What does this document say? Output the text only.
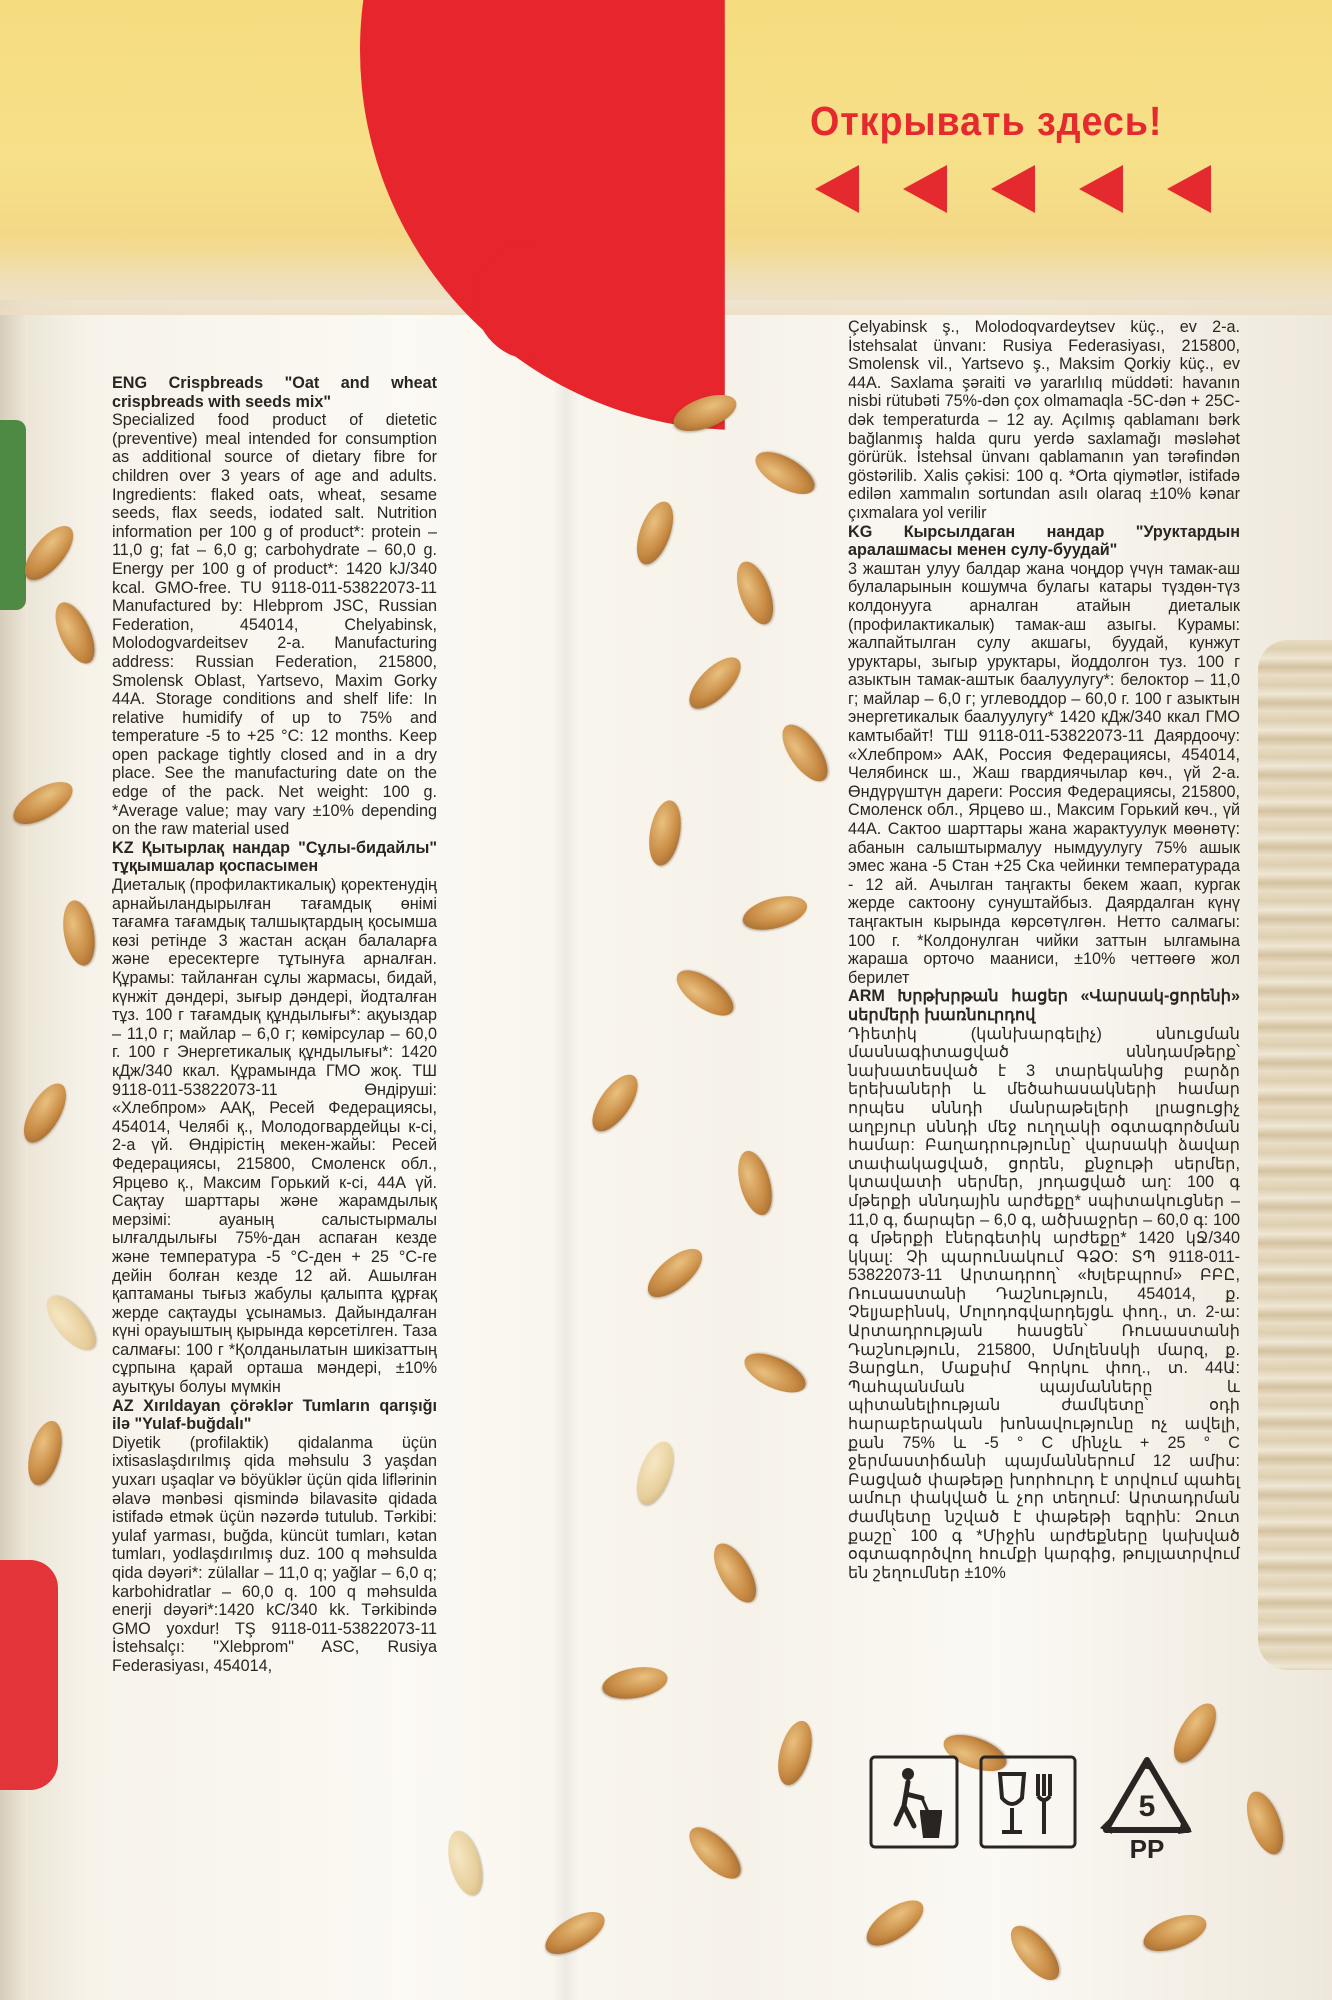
Открывать здесь!

ENG Crispbreads "Oat and wheat crispbreads with seeds mix"

Specialized food product of dietetic (preventive) meal intended for consumption as additional source of dietary fibre for children over 3 years of age and adults. Ingredients: flaked oats, wheat, sesame seeds, flax seeds, iodated salt. Nutrition information per 100 g of product*: protein – 11,0 g; fat – 6,0 g; carbohydrate – 60,0 g. Energy per 100 g of product*: 1420 kJ/340 kcal. GMO-free. TU 9118-011-53822073-11 Manufactured by: Hlebprom JSC, Russian Federation, 454014, Chelyabinsk, Molodogvardeitsev 2-a. Manufacturing address: Russian Federation, 215800, Smolensk Oblast, Yartsevo, Maxim Gorky 44A. Storage conditions and shelf life: In relative humidify of up to 75% and temperature -5 to +25 °C: 12 months. Keep open package tightly closed and in a dry place. See the manufacturing date on the edge of the pack. Net weight: 100 g. *Average value; may vary ±10% depending on the raw material used

KZ Қытырлақ нандар "Сұлы-бидайлы" тұқымшалар қоспасымен

Диеталық (профилактикалық) қоректенудің арнайыландырылған тағамдық өнімі тағамға тағамдық талшықтардың қосымша көзі ретінде 3 жастан асқан балаларға және ересектерге тұтынуға арналған. Құрамы: тайланған сұлы жармасы, бидай, күнжіт дәндері, зығыр дәндері, йодталған тұз. 100 г тағамдық құндылығы*: ақуыздар – 11,0 г; майлар – 6,0 г; көмірсулар – 60,0 г. 100 г Энергетикалық құндылығы*: 1420 кДж/340 ккал. Құрамында ГМО жоқ. ТШ 9118-011-53822073-11 Өндіруші: «Хлебпром» ААҚ, Ресей Федерациясы, 454014, Челябі қ., Молодогвардейцы к-сі, 2-а үй. Өндірістің мекен-жайы: Ресей Федерациясы, 215800, Смоленск обл., Ярцево қ., Максим Горький к-сі, 44А үй. Сақтау шарттары және жарамдылық мерзімі: ауаның салыстырмалы ылғалдылығы 75%-дан аспаған кезде және температура -5 °С-ден + 25 °С-ге дейін болған кезде 12 ай. Ашылған қаптаманы тығыз жабулы қалыпта құрғақ жерде сақтауды ұсынамыз. Дайындалған күні орауыштың қырында көрсетілген. Таза салмағы: 100 г *Қолданылатын шикізаттың сұрпына қарай орташа мәндері, ±10% ауытқуы болуы мүмкін

AZ Xırıldayan çörəklər Tumların qarışığı ilə "Yulaf-buğdalı"

Diyetik (profilaktik) qidalanma üçün ixtisaslaşdırılmış qida məhsulu 3 yaşdan yuxarı uşaqlar və böyüklər üçün qida liflərinin əlavə mənbəsi qismində bilavasitə qidada istifadə etmək üçün nəzərdə tutulub. Tərkibi: yulaf yarması, buğda, küncüt tumları, kətan tumları, yodlaşdırılmış duz. 100 q məhsulda qida dəyəri*: zülallar – 11,0 q; yağlar – 6,0 q; karbohidratlar – 60,0 q. 100 q məhsulda enerji dəyəri*:1420 kC/340 kk. Tərkibində GMO yoxdur! TŞ 9118-011-53822073-11 İstehsalçı: "Xlebprom" ASC, Rusiya Federasiyası, 454014,

Çelyabinsk ş., Molodoqvardeytsev küç., ev 2-a. İstehsalat ünvanı: Rusiya Federasiyası, 215800, Smolensk vil., Yartsevo ş., Maksim Qorkiy küç., ev 44A. Saxlama şəraiti və yararlılıq müddəti: havanın nisbi rütubəti 75%-dən çox olmamaqla -5C-dən + 25C-dək temperaturda – 12 ay. Açılmış qablamanı bərk bağlanmış halda quru yerdə saxlamağı məsləhət görürük. İstehsal ünvanı qablamanın yan tərəfindən göstərilib. Xalis çəkisi: 100 q. *Orta qiymətlər, istifadə edilən xammalın sortundan asılı olaraq ±10% kənar çıxmalara yol verilir

KG Кырсылдаган нандар "Уруктардын аралашмасы менен сулу-буудай"

3 жаштан улуу балдар жана чоңдор үчүн тамак-аш булаларынын кошумча булагы катары түздөн-түз колдонууга арналган атайын диеталык (профилактикалык) тамак-аш азыгы. Курамы: жалпайтылган сулу акшагы, буудай, кунжут уруктары, зыгыр уруктары, йоддолгон туз. 100 г азыктын тамак-аштык баалуулугу*: белоктор – 11,0 г; майлар – 6,0 г; углеводдор – 60,0 г. 100 г азыктын энергетикалык баалуулугу* 1420 кДж/340 ккал ГМО камтыбайт! ТШ 9118-011-53822073-11 Даярдоочу: «Хлебпром» ААК, Россия Федерациясы, 454014, Челябинск ш., Жаш гвардиячылар көч., үй 2-а. Өндүрүштүн дареги: Россия Федерациясы, 215800, Смоленск обл., Ярцево ш., Максим Горький көч., үй 44А. Сактоо шарттары жана жарактуулук мөөнөтү: абанын салыштырмалуу нымдуулугу 75% ашык эмес жана -5 Стан +25 Ска чейинки температурада - 12 ай. Ачылган таңгакты бекем жаап, кургак жерде сактоону сунуштайбыз. Даярдалган күнү таңгактын кырында көрсөтүлгөн. Нетто салмагы: 100 г. *Колдонулган чийки заттын ылгамына жараша орточо мааниси, ±10% четтөөгө жол берилет

ARM Խրթխրթան հացեր «Վարսակ-ցորենի» սերմերի խառնուրդով

Դիետիկ (կանխարգելիչ) սնուցման մասնագիտացված սննդամթերք՝ նախատեսված է 3 տարեկանից բարձր երեխաների և մեծահասակների համար որպես սննդի մանրաթելերի լրացուցիչ աղբյուր սննդի մեջ ուղղակի օգտագործման համար: Բաղադրությունը՝ վարսակի ձավար տափակացված, ցորեն, քնջութի սերմեր, կտավատի սերմեր, յոդացված աղ: 100 գ մթերքի սննդային արժեքը* սպիտակուցներ – 11,0 գ, ճարպեր – 6,0 գ, ածխաջրեր – 60,0 գ: 100 գ մթերքի էներգետիկ արժեքը* 1420 կՋ/340 կկալ: Չի պարունակում ԳՁՕ: ՏՊ 9118-011-53822073-11 Արտադրող՝ «Խլեբպրոմ» ԲԲԸ, Ռուսաստանի Դաշնություն, 454014, ք. Չելյաբինսկ, Մոլոդոգվարդեյցև փող., տ. 2-ա: Արտադրության հասցեն՝ Ռուսաստանի Դաշնություն, 215800, Սմոլենսկի մարզ, ք. Յարցևո, Մաքսիմ Գորկու փող., տ. 44Ա: Պահպանման պայմանները և պիտանելիության ժամկետը՝ օդի հարաբերական խոնավությունը ոչ ավելի, քան 75% և -5 ° C մինչև + 25 ° C ջերմաստիճանի պայմաններում 12 ամիս: Բացված փաթեթը խորհուրդ է տրվում պահել ամուր փակված և չոր տեղում: Արտադրման ժամկետը նշված է փաթեթի եզրին: Զուտ քաշը՝ 100 գ *Միջին արժեքները կախված օգտագործվող հումքի կարգից, թույլատրվում են շեղումներ ±10%

5
PP
